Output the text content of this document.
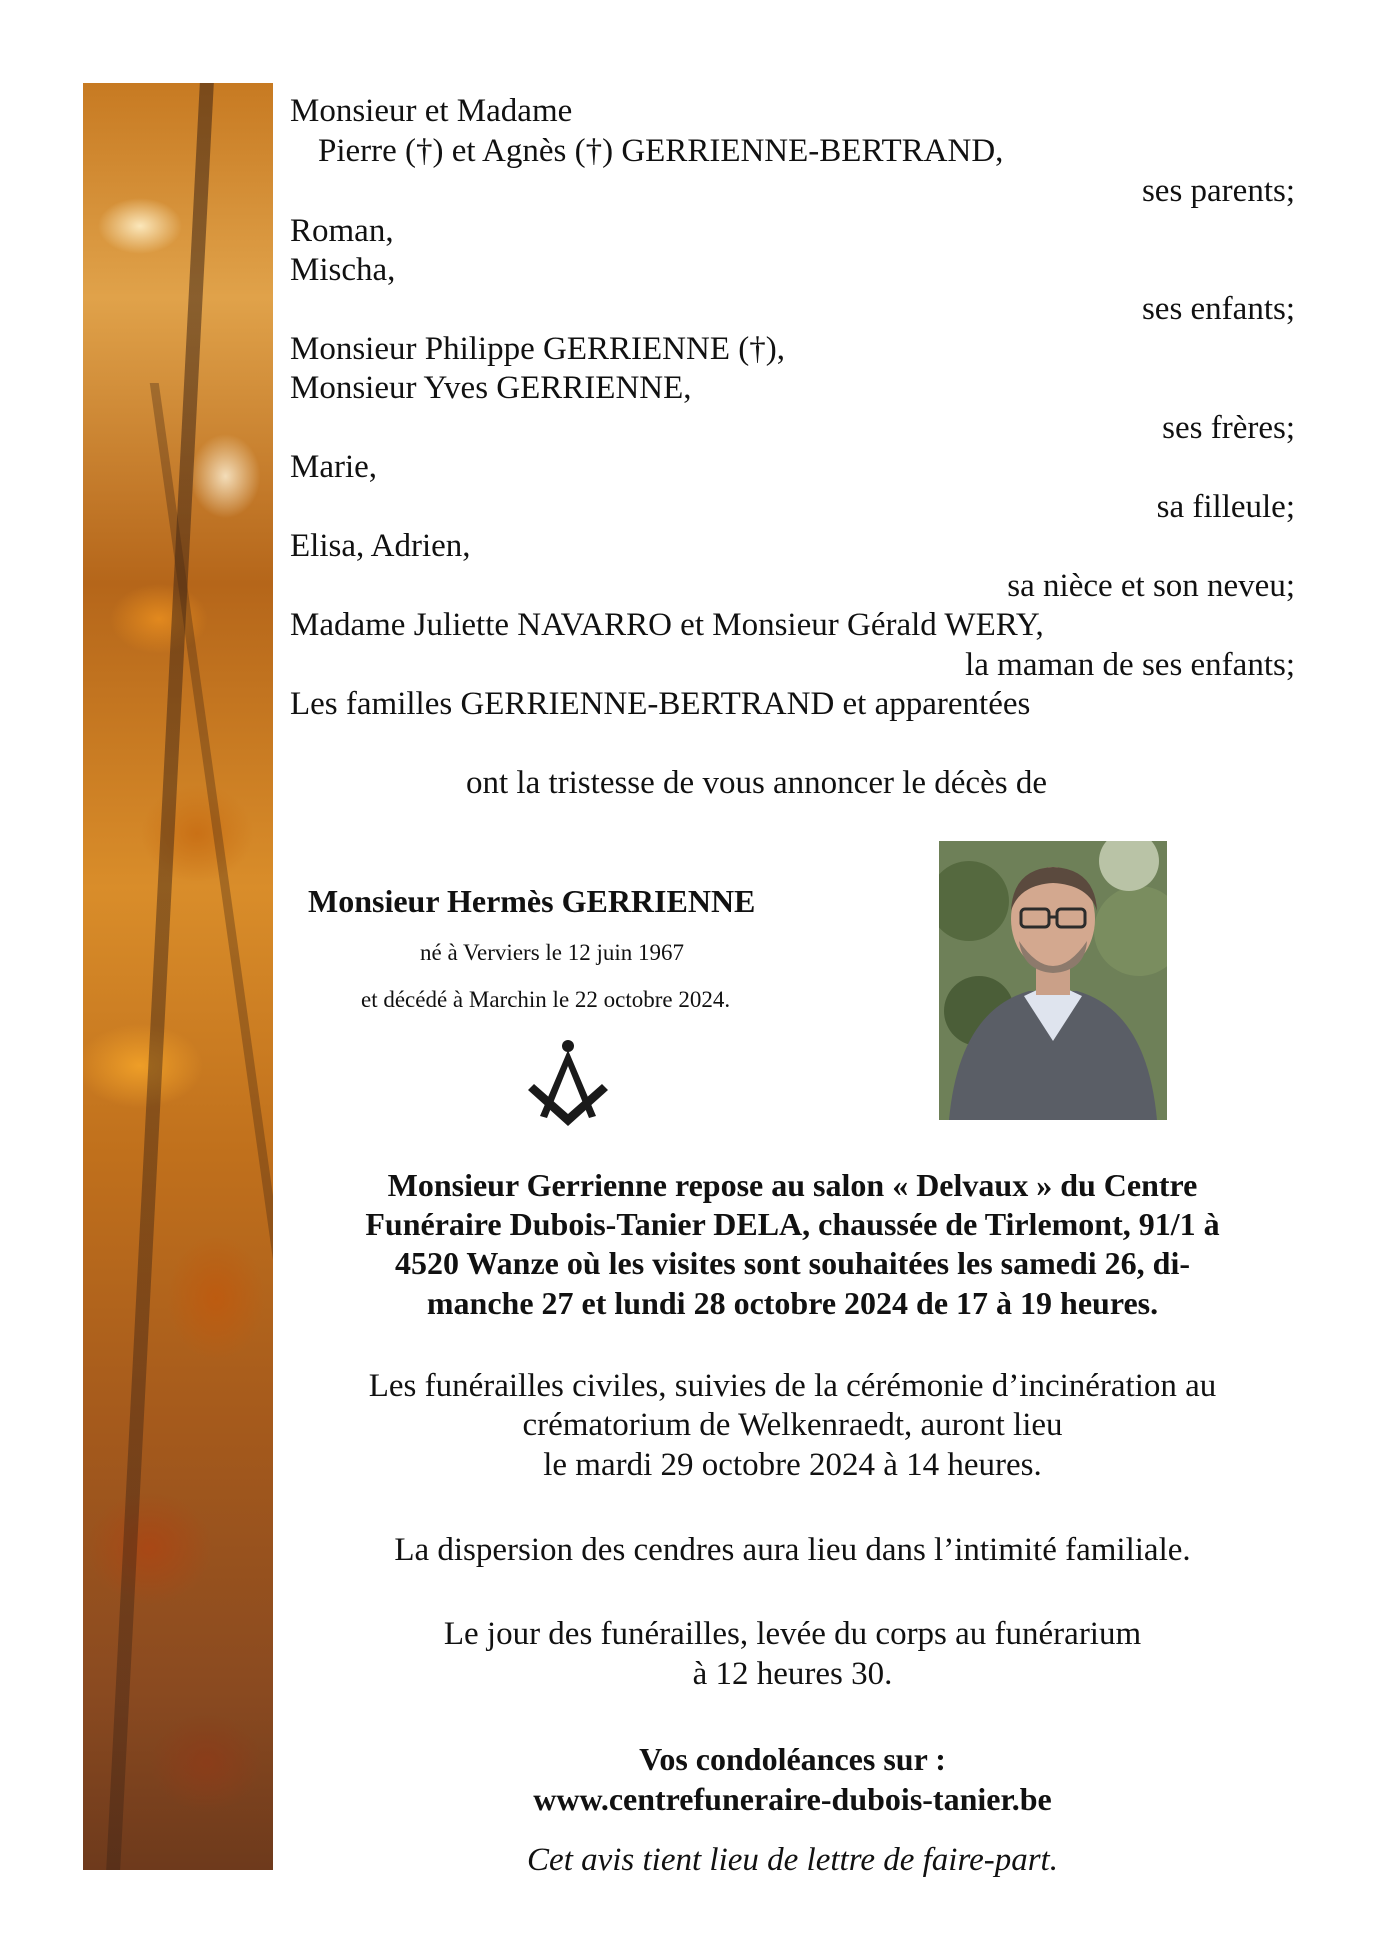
Monsieur et Madame
Pierre (†) et Agnès (†) GERRIENNE-BERTRAND,
ses parents;
Roman,
Mischa,
ses enfants;
Monsieur Philippe GERRIENNE (†),
Monsieur Yves GERRIENNE,
ses frères;
Marie,
sa filleule;
Elisa, Adrien,
sa nièce et son neveu;
Madame Juliette NAVARRO et Monsieur Gérald WERY,
la maman de ses enfants;
Les familles GERRIENNE-BERTRAND et apparentées
ont la tristesse de vous annoncer le décès de
Monsieur Hermès GERRIENNE
né à Verviers le 12 juin 1967
et décédé à Marchin le 22 octobre 2024.
Monsieur Gerrienne repose au salon « Delvaux » du Centre
Funéraire Dubois-Tanier DELA, chaussée de Tirlemont, 91/1 à
4520 Wanze où les visites sont souhaitées les samedi 26, di-
manche 27 et lundi 28 octobre 2024 de 17 à 19 heures.
Les funérailles civiles, suivies de la cérémonie d’incinération au
crématorium de Welkenraedt, auront lieu
le mardi 29 octobre 2024 à 14 heures.
La dispersion des cendres aura lieu dans l’intimité familiale.
Le jour des funérailles, levée du corps au funérarium
à 12 heures 30.
Vos condoléances sur :
www.centrefuneraire-dubois-tanier.be
Cet avis tient lieu de lettre de faire-part.
